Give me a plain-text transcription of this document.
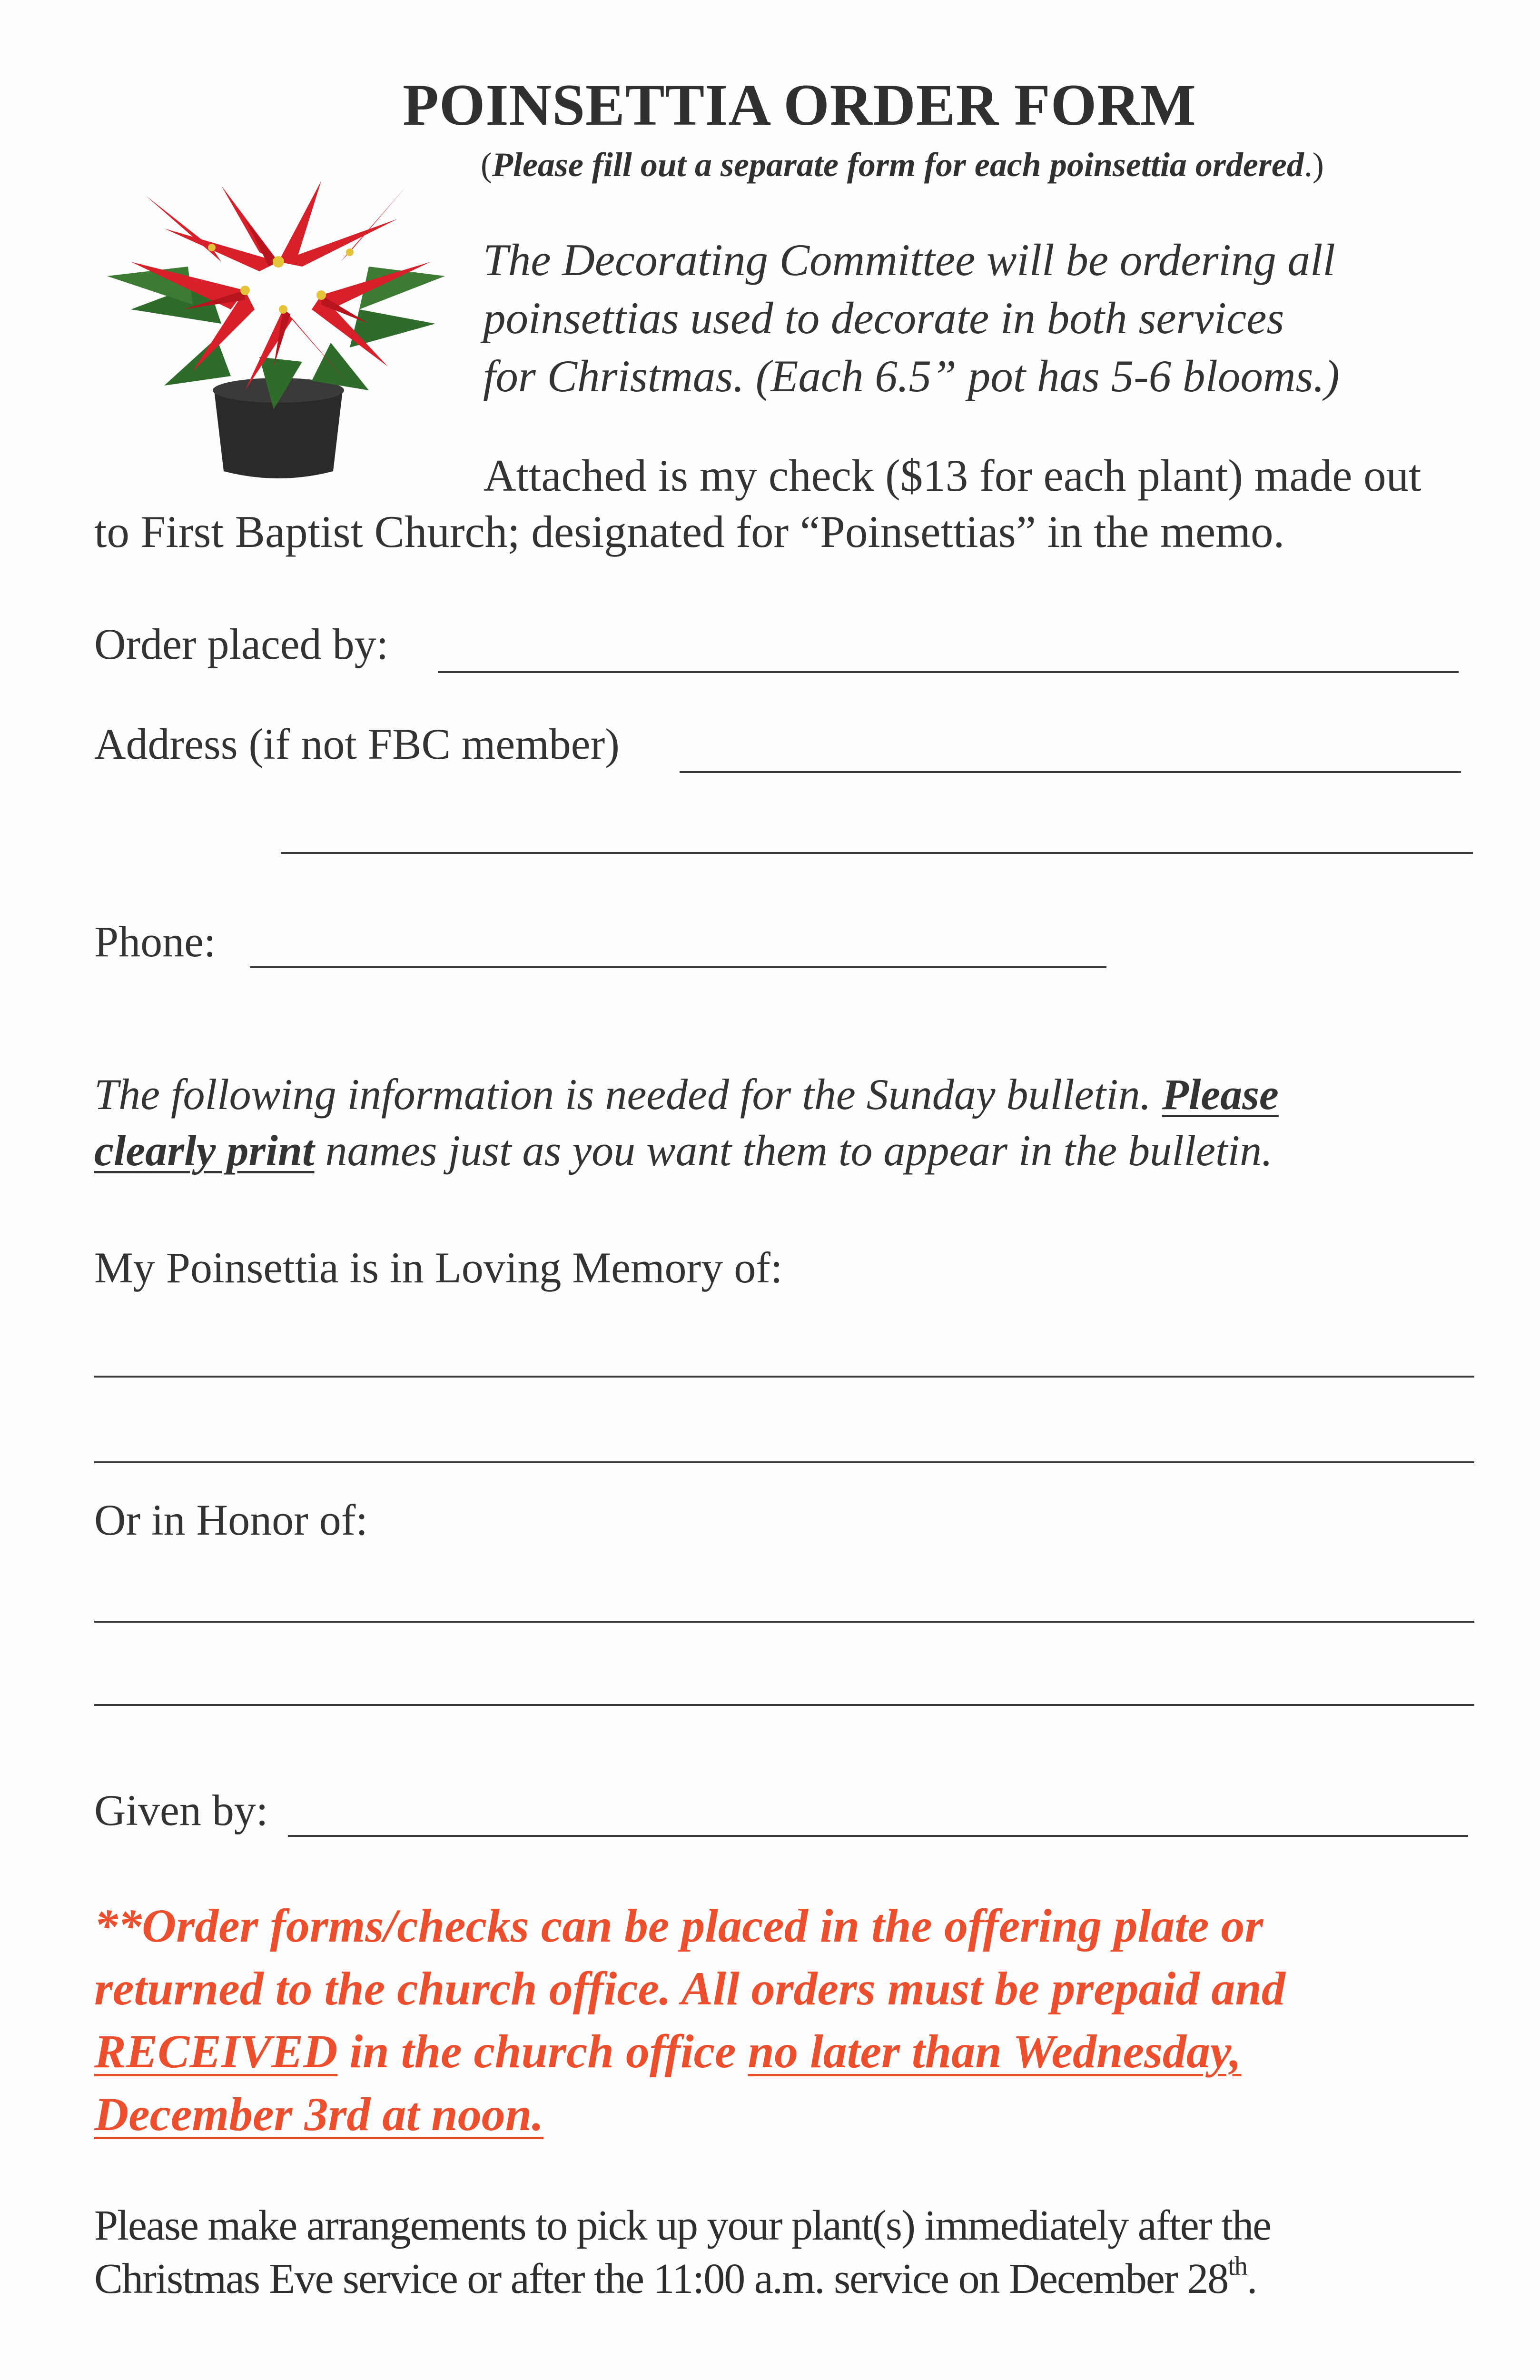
POINSETTIA ORDER FORM
(Please fill out a separate form for each poinsettia ordered.)
The Decorating Committee will be ordering all
poinsettias used to decorate in both services
for Christmas. (Each 6.5” pot has 5-6 blooms.)
Attached is my check ($13 for each plant) made out
to First Baptist Church; designated for “Poinsettias” in the memo.
Order placed by:
Address (if not FBC member)
Phone:
The following information is needed for the Sunday bulletin. Please
clearly print names just as you want them to appear in the bulletin.
My Poinsettia is in Loving Memory of:
Or in Honor of:
Given by:
**Order forms/checks can be placed in the offering plate or
returned to the church office. All orders must be prepaid and
RECEIVED in the church office no later than Wednesday,
December 3rd at noon.
Please make arrangements to pick up your plant(s) immediately after the
Christmas Eve service or after the 11:00 a.m. service on December 28th.
